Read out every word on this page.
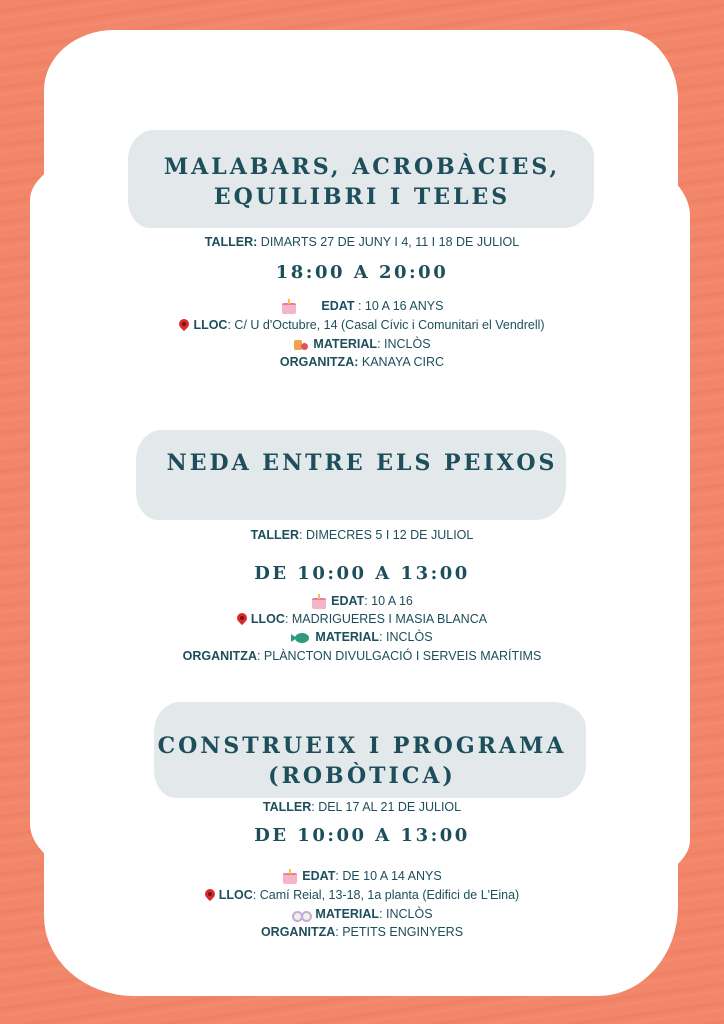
MALABARS, ACROBÀCIES,
EQUILIBRI I TELES
TALLER: DIMARTS 27 DE JUNY I 4, 11 I 18 DE JULIOL
18:00 A 20:00
EDAT : 10 A 16 ANYS
LLOC: C/ U d'Octubre, 14 (Casal Cívic i Comunitari el Vendrell)
MATERIAL: INCLÒS
ORGANITZA: KANAYA CIRC
NEDA ENTRE ELS PEIXOS
TALLER: DIMECRES 5 I 12 DE JULIOL
DE 10:00 A 13:00
EDAT: 10 A 16
LLOC: MADRIGUERES I MASIA BLANCA
MATERIAL: INCLÒS
ORGANITZA: PLÀNCTON DIVULGACIÓ I SERVEIS MARÍTIMS
CONSTRUEIX I PROGRAMA
(ROBÒTICA)
TALLER: DEL 17 AL 21 DE JULIOL
DE 10:00 A 13:00
EDAT: DE 10 A 14 ANYS
LLOC: Camí Reial, 13-18, 1a planta (Edifici de L'Eina)
MATERIAL: INCLÒS
ORGANITZA: PETITS ENGINYERS
